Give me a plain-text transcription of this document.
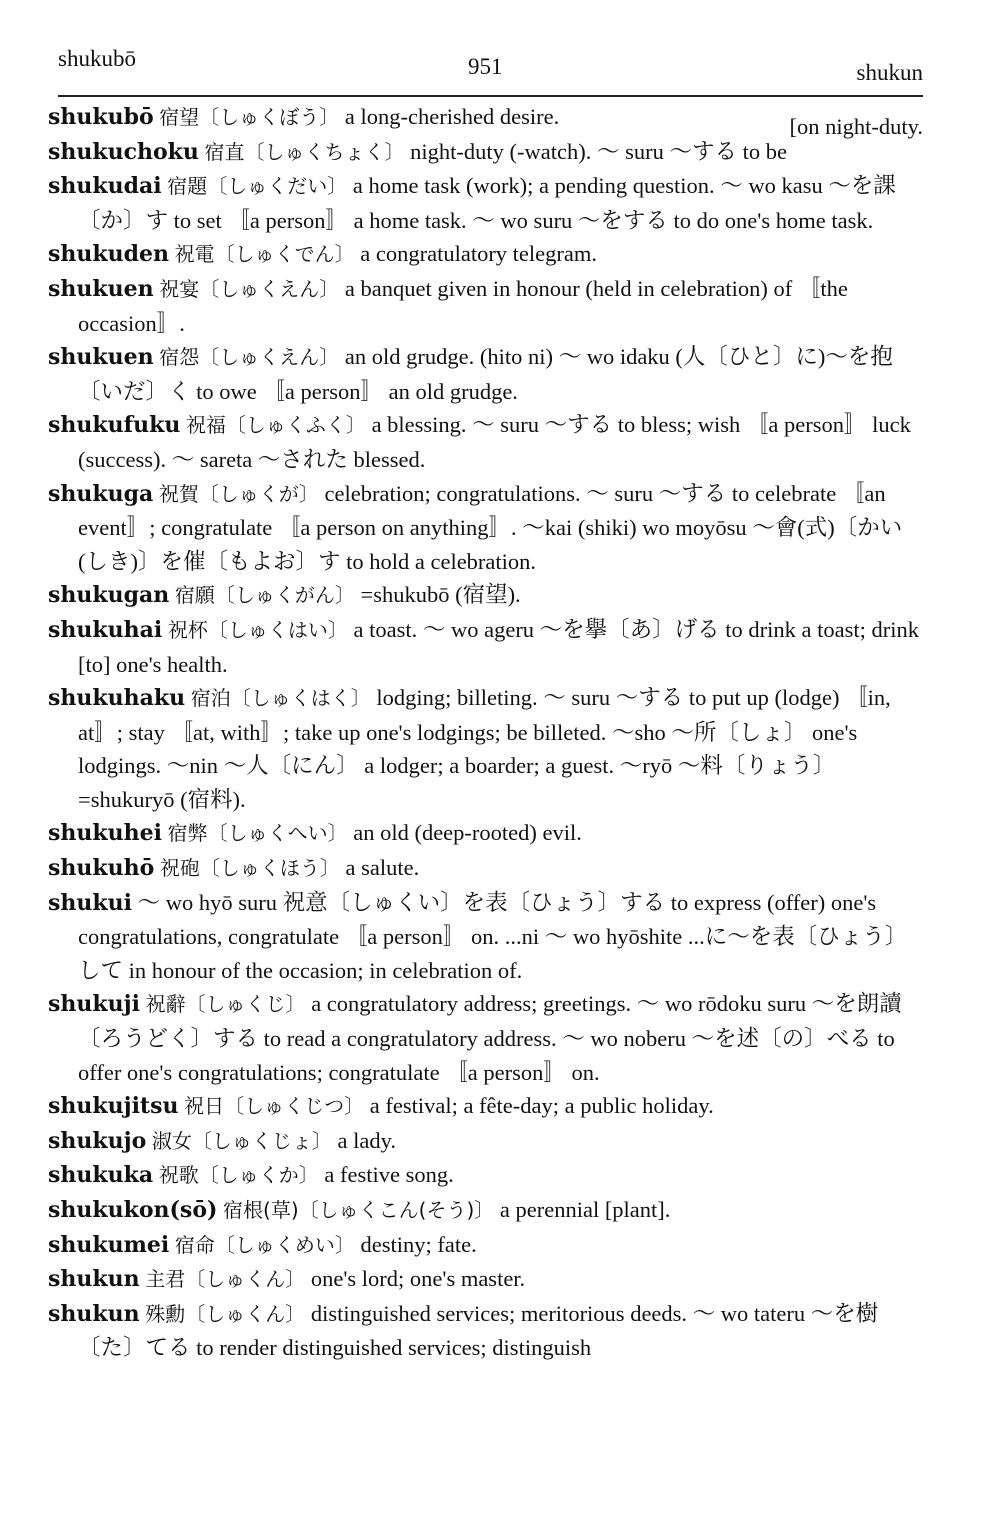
shukubō	951	shukun
[on night-duty.

shukubō 宿望〔しゅくぼう〕 a long-cherished desire.

shukuchoku 宿直〔しゅくちょく〕 night-duty (-watch). ～ suru ～する to be

shukudai 宿題〔しゅくだい〕 a home task (work); a pending question. ～ wo kasu ～を課〔か〕す to set 〚a person〛 a home task. ～ wo suru ～をする to do one's home task.

shukuden 祝電〔しゅくでん〕 a congratulatory telegram.

shukuen 祝宴〔しゅくえん〕 a banquet given in honour (held in celebration) of 〚the occasion〛.

shukuen 宿怨〔しゅくえん〕 an old grudge. (hito ni) ～ wo idaku (人〔ひと〕に)～を抱〔いだ〕く to owe 〚a person〛 an old grudge.

shukufuku 祝福〔しゅくふく〕 a blessing. ～ suru ～する to bless; wish 〚a person〛 luck (success). ～ sareta ～された blessed.

shukuga 祝賀〔しゅくが〕 celebration; congratulations. ～ suru ～する to celebrate 〚an event〛; congratulate 〚a person on anything〛. ～kai (shiki) wo moyōsu ～會(式)〔かい(しき)〕を催〔もよお〕す to hold a celebration.

shukugan 宿願〔しゅくがん〕 =shukubō (宿望).

shukuhai 祝杯〔しゅくはい〕 a toast. ～ wo ageru ～を擧〔あ〕げる to drink a toast; drink [to] one's health.

shukuhaku 宿泊〔しゅくはく〕 lodging; billeting. ～ suru ～する to put up (lodge) 〚in, at〛; stay 〚at, with〛; take up one's lodgings; be billeted. ～sho ～所〔しょ〕 one's lodgings. ～nin ～人〔にん〕 a lodger; a boarder; a guest. ～ryō ～料〔りょう〕 =shukuryō (宿料).

shukuhei 宿弊〔しゅくへい〕 an old (deep-rooted) evil.

shukuhō 祝砲〔しゅくほう〕 a salute.

shukui ～ wo hyō suru 祝意〔しゅくい〕を表〔ひょう〕する to express (offer) one's congratulations, congratulate 〚a person〛 on. ...ni ～ wo hyōshite ...に～を表〔ひょう〕して in honour of the occasion; in celebration of.

shukuji 祝辭〔しゅくじ〕 a congratulatory address; greetings. ～ wo rōdoku suru ～を朗讀〔ろうどく〕する to read a congratulatory address. ～ wo noberu ～を述〔の〕べる to offer one's congratulations; congratulate 〚a person〛 on.

shukujitsu 祝日〔しゅくじつ〕 a festival; a fête-day; a public holiday.

shukujo 淑女〔しゅくじょ〕 a lady.

shukuka 祝歌〔しゅくか〕 a festive song.

shukukon(sō) 宿根(草)〔しゅくこん(そう)〕 a perennial [plant].

shukumei 宿命〔しゅくめい〕 destiny; fate.

shukun 主君〔しゅくん〕 one's lord; one's master.

shukun 殊勳〔しゅくん〕 distinguished services; meritorious deeds. ～ wo tateru ～を樹〔た〕てる to render distinguished services; distinguish
